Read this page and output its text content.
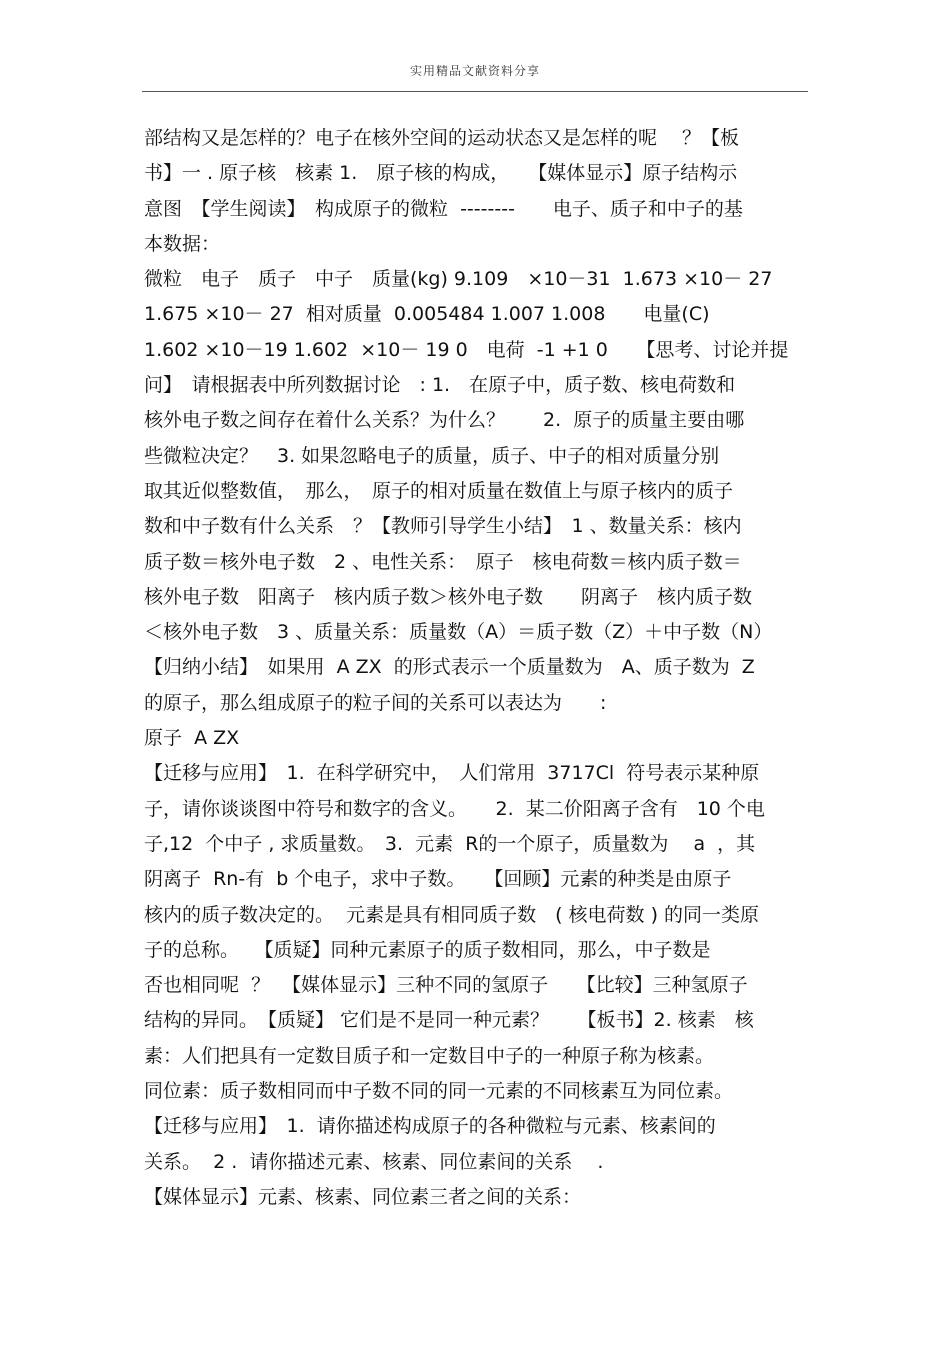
实用精品文献资料分享
部结构又是怎样的？电子在核外空间的运动状态又是怎样的呢　 ？【板
书】一 . 原子核　核素 1.　原子核的构成，　　【媒体显示】原子结构示
意图　【学生阅读】　构成原子的微粒  --------　　电子、质子和中子的基
本数据：
微粒　电子　质子　中子　质量(kg) 9.109　×10－31  1.673 ×10－ 27
1.675 ×10－ 27  相对质量  0.005484 1.007 1.008　　电量(C)
1.602 ×10－19 1.602  ×10－ 19 0　电荷  -1 +1 0　　【思考、讨论并提
问】　请根据表中所列数据讨论　: 1.　在原子中，质子数、核电荷数和
核外电子数之间存在着什么关系？为什么？　　2.  原子的质量主要由哪
些微粒决定？　3. 如果忽略电子的质量，质子、中子的相对质量分别
取其近似整数值，　那么，　原子的相对质量在数值上与原子核内的质子
数和中子数有什么关系　？【教师引导学生小结】　1 、数量关系：核内
质子数＝核外电子数　2 、电性关系：　原子　核电荷数＝核内质子数＝
核外电子数　阳离子　核内质子数＞核外电子数　　阴离子　核内质子数
＜核外电子数　3 、质量关系：质量数（A）＝质子数（Z）＋中子数（N）
【归纳小结】　如果用  A ZX  的形式表示一个质量数为　A、质子数为  Z
的原子，那么组成原子的粒子间的关系可以表达为　　:
原子  A ZX
【迁移与应用】　1.  在科学研究中，　人们常用  3717Cl  符号表示某种原
子，请你谈谈图中符号和数字的含义。　　2.  某二价阳离子含有　10 个电
子,12  个中子 , 求质量数。　3.  元素  R的一个原子，质量数为　 a  ，其
阴离子  Rn-有  b 个电子，求中子数。　　【回顾】元素的种类是由原子
核内的质子数决定的。  元素是具有相同质子数　( 核电荷数 ) 的同一类原
子的总称。　 【质疑】同种元素原子的质子数相同，那么，中子数是
否也相同呢  ？  【媒体显示】三种不同的氢原子　　【比较】三种氢原子
结构的异同。　【质疑】 它们是不是同一种元素？　　【板书】2. 核素　核
素：人们把具有一定数目质子和一定数目中子的一种原子称为核素。
同位素：质子数相同而中子数不同的同一元素的不同核素互为同位素。
【迁移与应用】　1.  请你描述构成原子的各种微粒与元素、核素间的
关系。  2 .  请你描述元素、核素、同位素间的关系　 .
【媒体显示】元素、核素、同位素三者之间的关系：
